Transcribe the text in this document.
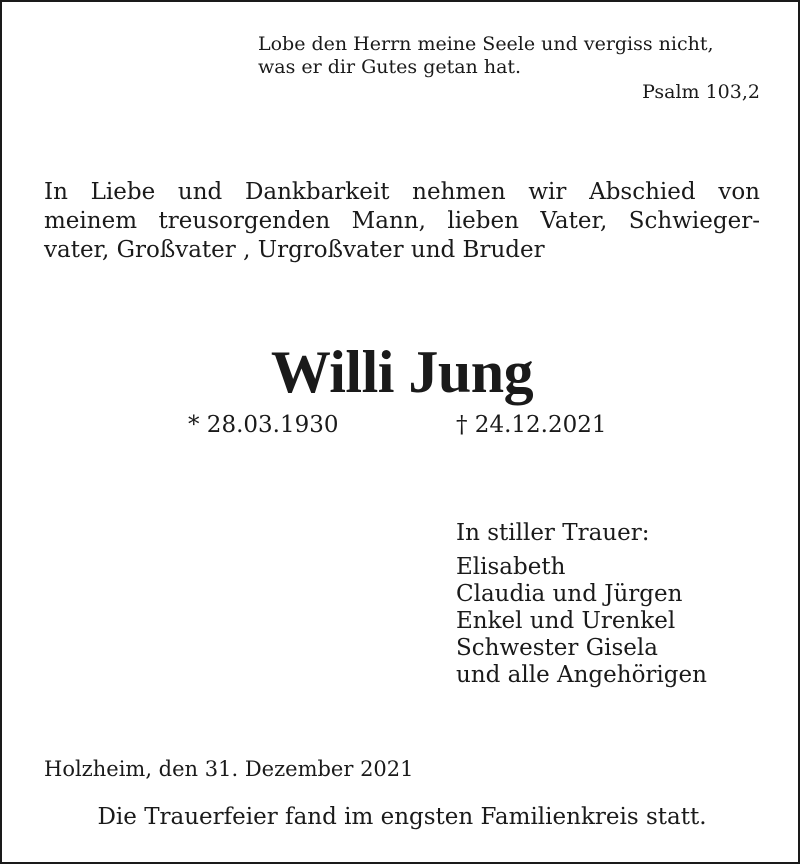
Lobe den Herrn meine Seele und vergiss nicht,
was er dir Gutes getan hat.
Psalm 103,2
In Liebe und Dankbarkeit nehmen wir Abschied von
meinem treusorgenden Mann, lieben Vater, Schwieger-
vater, Großvater , Urgroßvater und Bruder
Willi Jung
* 28.03.1930	† 24.12.2021
In stiller Trauer:
Elisabeth
Claudia und Jürgen
Enkel und Urenkel
Schwester Gisela
und alle Angehörigen
Holzheim, den 31. Dezember 2021
Die Trauerfeier fand im engsten Familienkreis statt.
